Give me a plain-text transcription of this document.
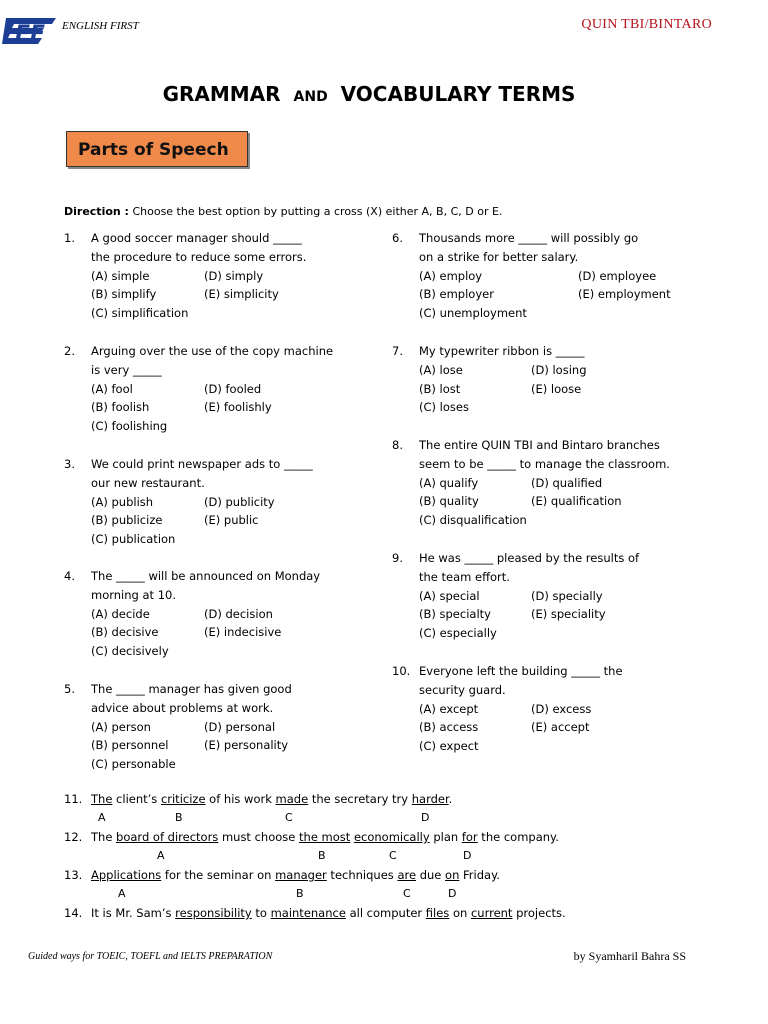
EF ENGLISH FIRST	QUIN TBI/BINTARO
GRAMMAR AND VOCABULARY TERMS
Parts of Speech
Direction : Choose the best option by putting a cross (X) either A, B, C, D or E.
1.	A good soccer manager should _____
the procedure to reduce some errors.
(A) simple	(D) simply
(B) simplify	(E) simplicity
(C) simplification
2.	Arguing over the use of the copy machine
is very _____
(A) fool	(D) fooled
(B) foolish	(E) foolishly
(C) foolishing
3.	We could print newspaper ads to _____
our new restaurant.
(A) publish	(D) publicity
(B) publicize	(E) public
(C) publication
4.	The _____ will be announced on Monday
morning at 10.
(A) decide	(D) decision
(B) decisive	(E) indecisive
(C) decisively
5.	The _____ manager has given good
advice about problems at work.
(A) person	(D) personal
(B) personnel	(E) personality
(C) personable
6.	Thousands more _____ will possibly go
on a strike for better salary.
(A) employ	(D) employee
(B) employer	(E) employment
(C) unemployment
7.	My typewriter ribbon is _____
(A) lose	(D) losing
(B) lost	(E) loose
(C) loses
8.	The entire QUIN TBI and Bintaro branches
seem to be _____ to manage the classroom.
(A) qualify	(D) qualified
(B) quality	(E) qualification
(C) disqualification
9.	He was _____ pleased by the results of
the team effort.
(A) special	(D) specially
(B) specialty	(E) speciality
(C) especially
10. Everyone left the building _____ the
security guard.
(A) except	(D) excess
(B) access	(E) accept
(C) expect
11. The client’s criticize of his work made the secretary try harder.
A	B	C	D
12. The board of directors must choose the most economically plan for the company.
A	B	C	D
13. Applications for the seminar on manager techniques are due on Friday.
A	B	C	D
14. It is Mr. Sam’s responsibility to maintenance all computer files on current projects.
Guided ways for TOEIC, TOEFL and IELTS PREPARATION	by Syamharil Bahra SS
